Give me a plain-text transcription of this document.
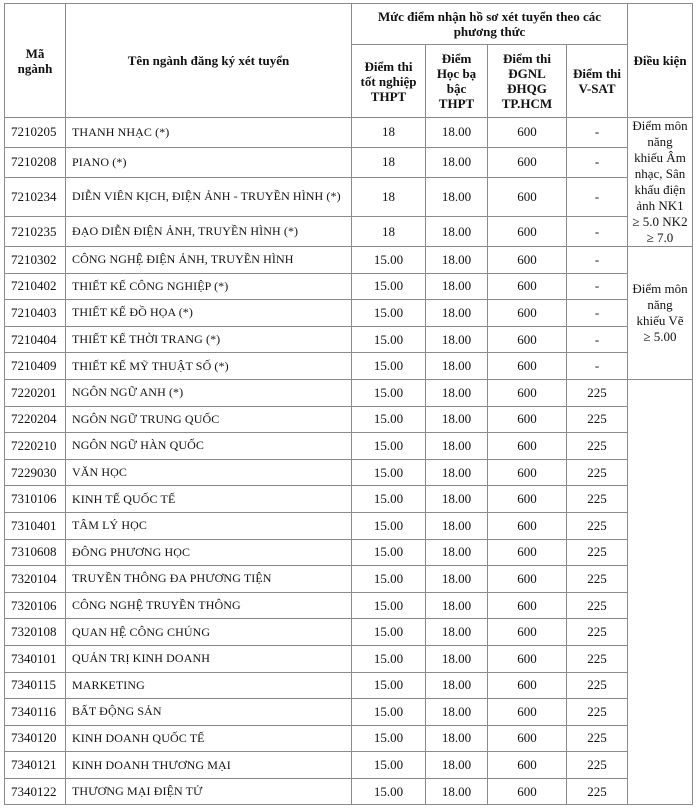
Mã ngành	Tên ngành đăng ký xét tuyển	Mức điểm nhận hồ sơ xét tuyển theo các phương thức				Điều kiện
		Điểm thi tốt nghiệp THPT	Điểm Học bạ bậc THPT	Điểm thi ĐGNL ĐHQG TP.HCM	Điểm thi V-SAT	
7210205	THANH NHẠC (*)	18	18.00	600	-	Điểm môn năng khiếu Âm nhạc, Sân khấu điện ảnh NK1 ≥ 5.0 NK2 ≥ 7.0
7210208	PIANO (*)	18	18.00	600	-	
7210234	DIỄN VIÊN KỊCH, ĐIỆN ẢNH - TRUYỀN HÌNH (*)	18	18.00	600	-	
7210235	ĐẠO DIỄN ĐIỆN ẢNH, TRUYỀN HÌNH (*)	18	18.00	600	-	
7210302	CÔNG NGHỆ ĐIỆN ẢNH, TRUYỀN HÌNH	15.00	18.00	600	-	Điểm môn năng khiếu Vẽ ≥ 5.00
7210402	THIẾT KẾ CÔNG NGHIỆP (*)	15.00	18.00	600	-	
7210403	THIẾT KẾ ĐỒ HỌA (*)	15.00	18.00	600	-	
7210404	THIẾT KẾ THỜI TRANG (*)	15.00	18.00	600	-	
7210409	THIẾT KẾ MỸ THUẬT SỐ (*)	15.00	18.00	600	-	
7220201	NGÔN NGỮ ANH (*)	15.00	18.00	600	225	
7220204	NGÔN NGỮ TRUNG QUỐC	15.00	18.00	600	225	
7220210	NGÔN NGỮ HÀN QUỐC	15.00	18.00	600	225	
7229030	VĂN HỌC	15.00	18.00	600	225	
7310106	KINH TẾ QUỐC TẾ	15.00	18.00	600	225	
7310401	TÂM LÝ HỌC	15.00	18.00	600	225	
7310608	ĐÔNG PHƯƠNG HỌC	15.00	18.00	600	225	
7320104	TRUYỀN THÔNG ĐA PHƯƠNG TIỆN	15.00	18.00	600	225	
7320106	CÔNG NGHỆ TRUYỀN THÔNG	15.00	18.00	600	225	
7320108	QUAN HỆ CÔNG CHÚNG	15.00	18.00	600	225	
7340101	QUẢN TRỊ KINH DOANH	15.00	18.00	600	225	
7340115	MARKETING	15.00	18.00	600	225	
7340116	BẤT ĐỘNG SẢN	15.00	18.00	600	225	
7340120	KINH DOANH QUỐC TẾ	15.00	18.00	600	225	
7340121	KINH DOANH THƯƠNG MẠI	15.00	18.00	600	225	
7340122	THƯƠNG MẠI ĐIỆN TỬ	15.00	18.00	600	225	
